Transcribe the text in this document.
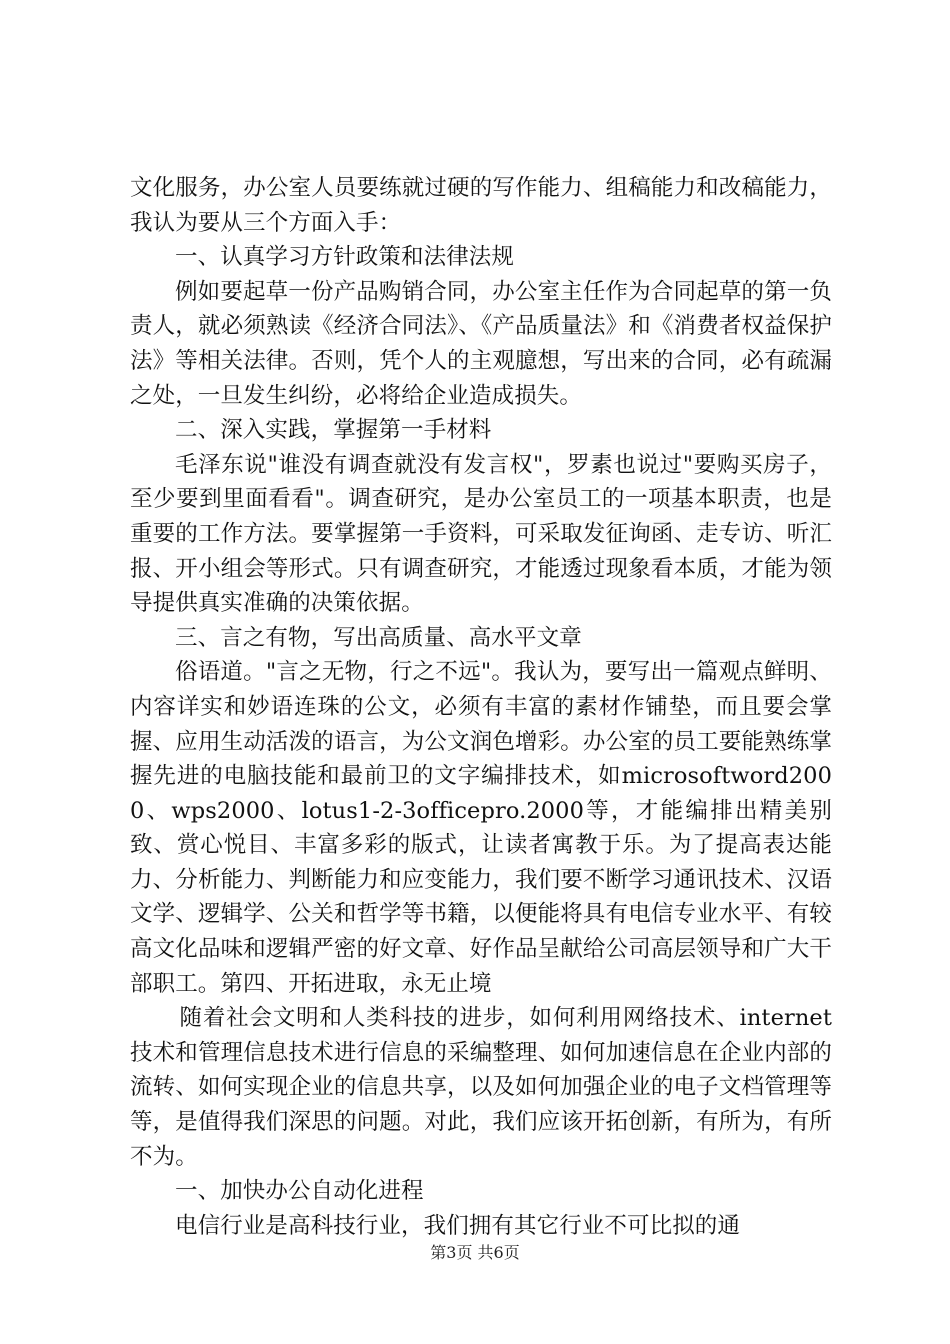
文化服务，办公室人员要练就过硬的写作能力、组稿能力和改稿能力，我认为要从三个方面入手：

一、认真学习方针政策和法律法规

例如要起草一份产品购销合同，办公室主任作为合同起草的第一负责人，就必须熟读《经济合同法》、《产品质量法》和《消费者权益保护法》等相关法律。否则，凭个人的主观臆想，写出来的合同，必有疏漏之处，一旦发生纠纷，必将给企业造成损失。

二、深入实践，掌握第一手材料

毛泽东说"谁没有调查就没有发言权"，罗素也说过"要购买房子，至少要到里面看看"。调查研究，是办公室员工的一项基本职责，也是重要的工作方法。要掌握第一手资料，可采取发征询函、走专访、听汇报、开小组会等形式。只有调查研究，才能透过现象看本质，才能为领导提供真实准确的决策依据。

三、言之有物，写出高质量、高水平文章

俗语道。"言之无物，行之不远"。我认为，要写出一篇观点鲜明、内容详实和妙语连珠的公文，必须有丰富的素材作铺垫，而且要会掌握、应用生动活泼的语言，为公文润色增彩。办公室的员工要能熟练掌握先进的电脑技能和最前卫的文字编排技术，如microsoftword2000、wps2000、lotus1-2-3officepro.2000等，才能编排出精美别致、赏心悦目、丰富多彩的版式，让读者寓教于乐。为了提高表达能力、分析能力、判断能力和应变能力，我们要不断学习通讯技术、汉语文学、逻辑学、公关和哲学等书籍，以便能将具有电信专业水平、有较高文化品味和逻辑严密的好文章、好作品呈献给公司高层领导和广大干部职工。第四、开拓进取，永无止境

随着社会文明和人类科技的进步，如何利用网络技术、internet技术和管理信息技术进行信息的采编整理、如何加速信息在企业内部的流转、如何实现企业的信息共享，以及如何加强企业的电子文档管理等等，是值得我们深思的问题。对此，我们应该开拓创新，有所为，有所不为。

一、加快办公自动化进程

电信行业是高科技行业，我们拥有其它行业不可比拟的通

第3页 共6页
